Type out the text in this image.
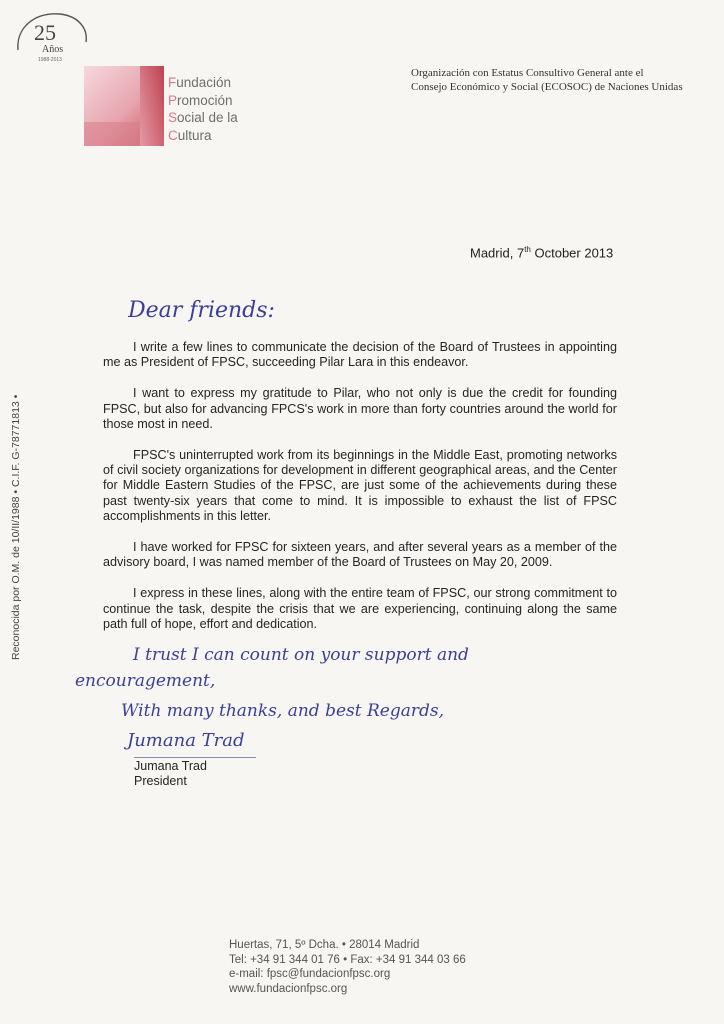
25
Años
1988-2013
Fundación
Promoción
Social de la
Cultura
Organización con Estatus Consultivo General ante el
Consejo Económico y Social (ECOSOC) de Naciones Unidas
Madrid, 7th October 2013
Dear friends:

I write a few lines to communicate the decision of the Board of Trustees in appointing me as President of FPSC, succeeding Pilar Lara in this endeavor.

I want to express my gratitude to Pilar, who not only is due the credit for founding FPSC, but also for advancing FPCS's work in more than forty countries around the world for those most in need.

FPSC's uninterrupted work from its beginnings in the Middle East, promoting networks of civil society organizations for development in different geographical areas, and the Center for Middle Eastern Studies of the FPSC, are just some of the achievements during these past twenty-six years that come to mind. It is impossible to exhaust the list of FPSC accomplishments in this letter.

I have worked for FPSC for sixteen years, and after several years as a member of the advisory board, I was named member of the Board of Trustees on May 20, 2009.

I express in these lines, along with the entire team of FPSC, our strong commitment to continue the task, despite the crisis that we are experiencing, continuing along the same path full of hope, effort and dedication.

I trust I can count on your support and
encouragement,
With many thanks, and best Regards,
Jumana Trad
Jumana Trad
President
Reconocida por O.M. de 10/II/1988 • C.I.F. G-78771813 •
Huertas, 71, 5º Dcha. • 28014 Madrid
Tel: +34 91 344 01 76 • Fax: +34 91 344 03 66
e-mail: fpsc@fundacionfpsc.org
www.fundacionfpsc.org
